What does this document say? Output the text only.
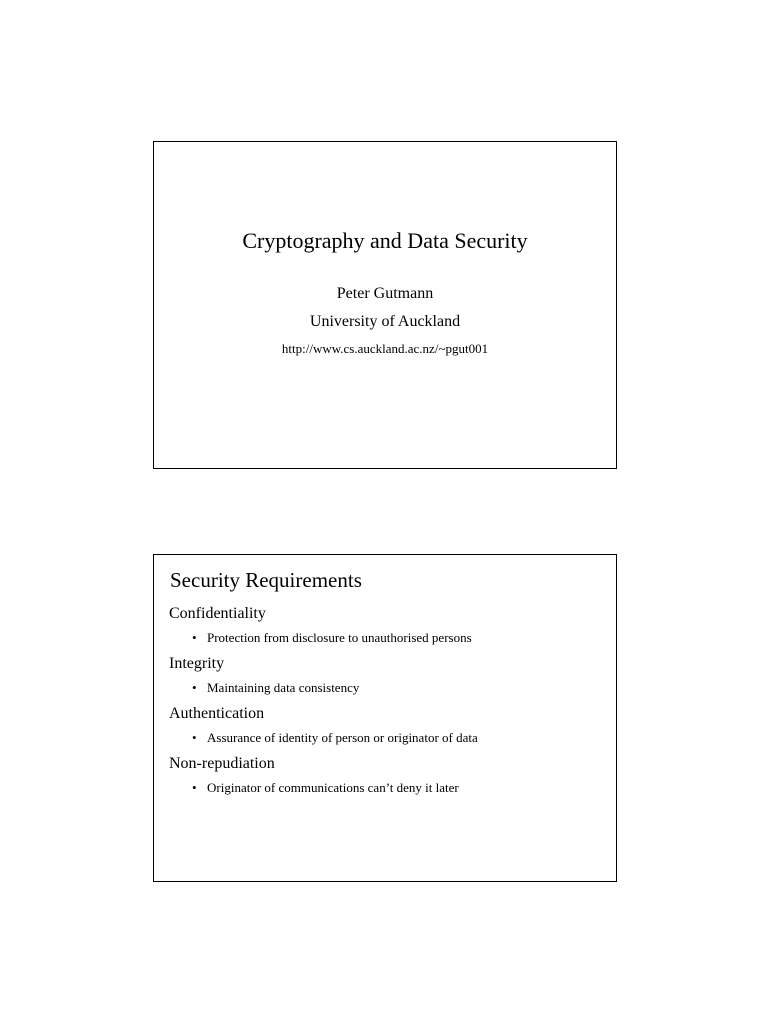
Cryptography and Data Security

Peter Gutmann

University of Auckland

http://www.cs.auckland.ac.nz/~pgut001

Security Requirements
Confidentiality
• Protection from disclosure to unauthorised persons
Integrity
• Maintaining data consistency
Authentication
• Assurance of identity of person or originator of data
Non-repudiation
• Originator of communications can’t deny it later
